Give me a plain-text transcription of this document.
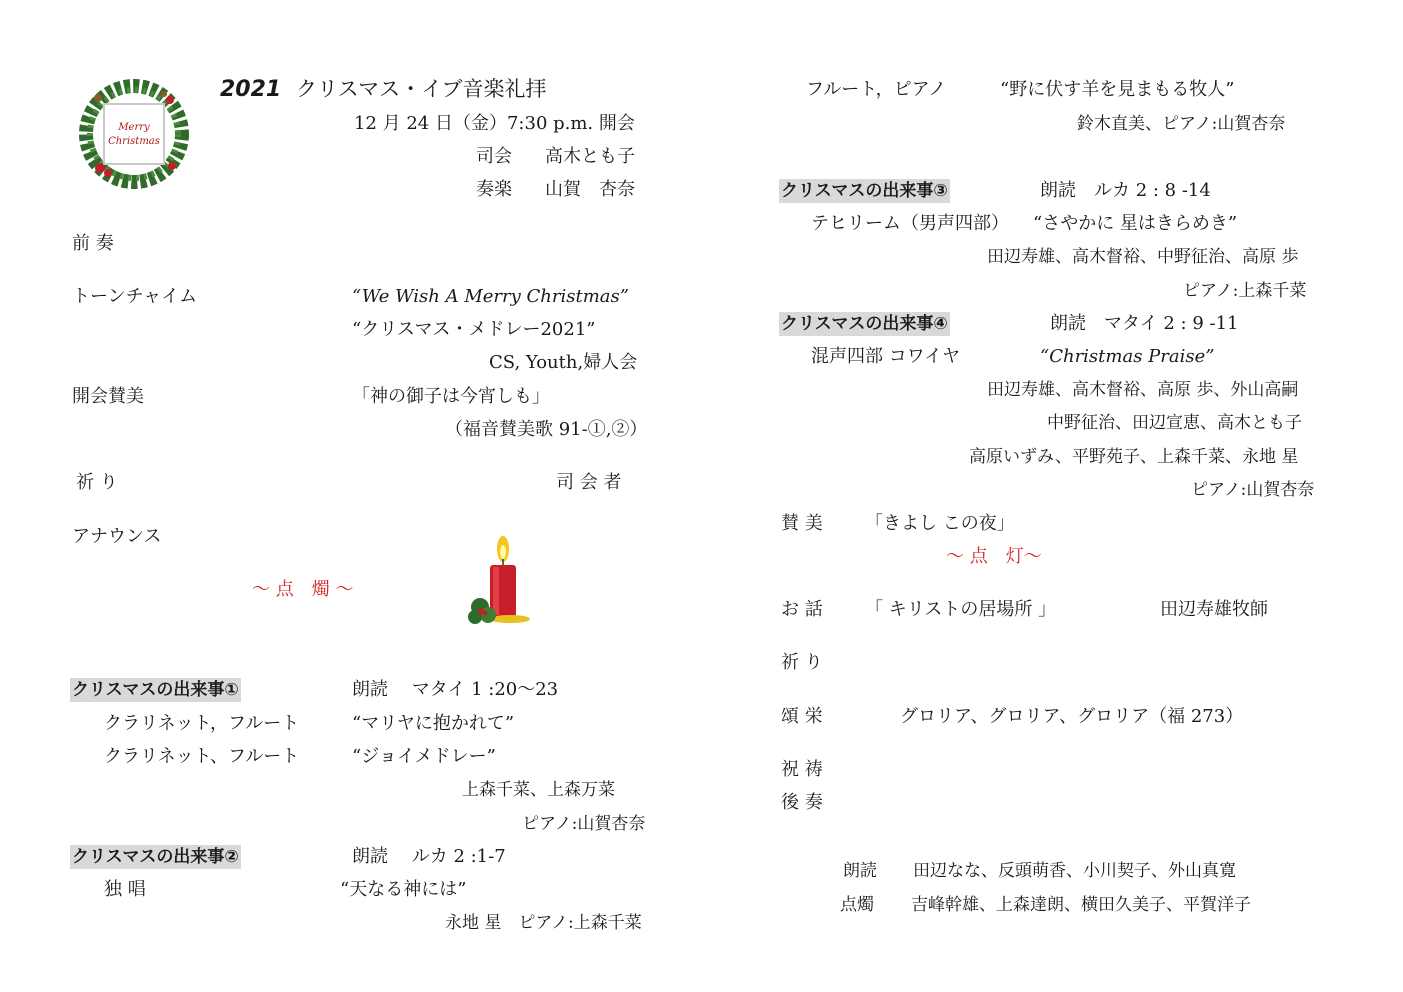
Merry
Christmas
2021 クリスマス・イブ音楽礼拝
12 月 24 日（金）7:30 p.m. 開会
司会 高木とも子
奏楽 山賀　杏奈
前 奏
トーンチャイム	“We Wish A Merry Christmas”
“クリスマス・メドレー2021”
CS, Youth,婦人会
開会賛美	「神の御子は今宵しも」
（福音賛美歌 91-①,②）
祈 り	司 会 者
アナウンス
～ 点　燭 ～
クリスマスの出来事①	朗読　 マタイ 1 :20～23
クラリネット，フルート	“マリヤに抱かれて”
クラリネット、フルート	“ジョイメドレー”
上森千菜、上森万菜
ピアノ:山賀杏奈
クリスマスの出来事②	朗読　 ルカ 2 :1-7
独 唱	“天なる神には”
永地 星　ピアノ:上森千菜
フルート，ピアノ	“野に伏す羊を見まもる牧人”
鈴木直美、ピアノ:山賀杏奈
クリスマスの出来事③	朗読　ルカ 2 : 8 -14
テヒリーム（男声四部） “さやかに 星はきらめき”
田辺寿雄、高木督裕、中野征治、高原 歩
ピアノ:上森千菜
クリスマスの出来事④	朗読　マタイ 2 : 9 -11
混声四部 コワイヤ	“Christmas Praise”
田辺寿雄、高木督裕、高原 歩、外山高嗣
中野征治、田辺宣恵、高木とも子
高原いずみ、平野苑子、上森千菜、永地 星
ピアノ:山賀杏奈
賛 美 「きよし この夜」
～ 点　灯～
お 話 「 キリストの居場所 」	田辺寿雄牧師
祈 り
頌 栄	グロリア、グロリア、グロリア（福 273）
祝 祷
後 奏
朗読 田辺なな、反頭萌香、小川契子、外山真寛
点燭 吉峰幹雄、上森達朗、横田久美子、平賀洋子
